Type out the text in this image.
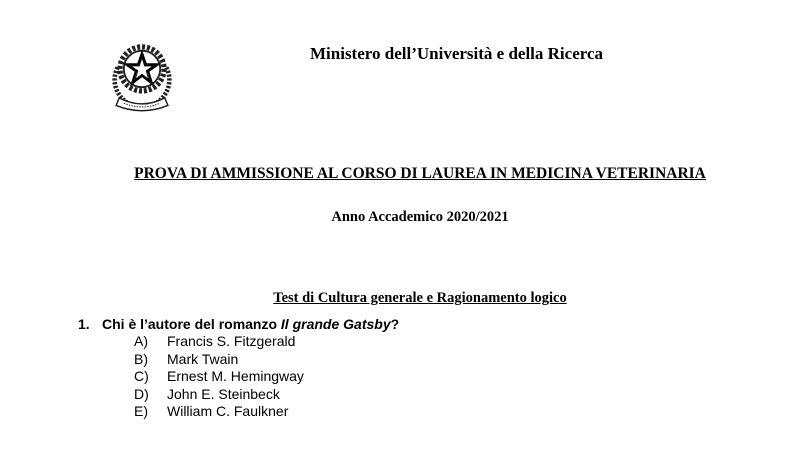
Ministero dell’Università e della Ricerca
PROVA DI AMMISSIONE AL CORSO DI LAUREA IN MEDICINA VETERINARIA
Anno Accademico 2020/2021
Test di Cultura generale e Ragionamento logico
1. Chi è l’autore del romanzo Il grande Gatsby?
A) Francis S. Fitzgerald
B) Mark Twain
C) Ernest M. Hemingway
D) John E. Steinbeck
E) William C. Faulkner
